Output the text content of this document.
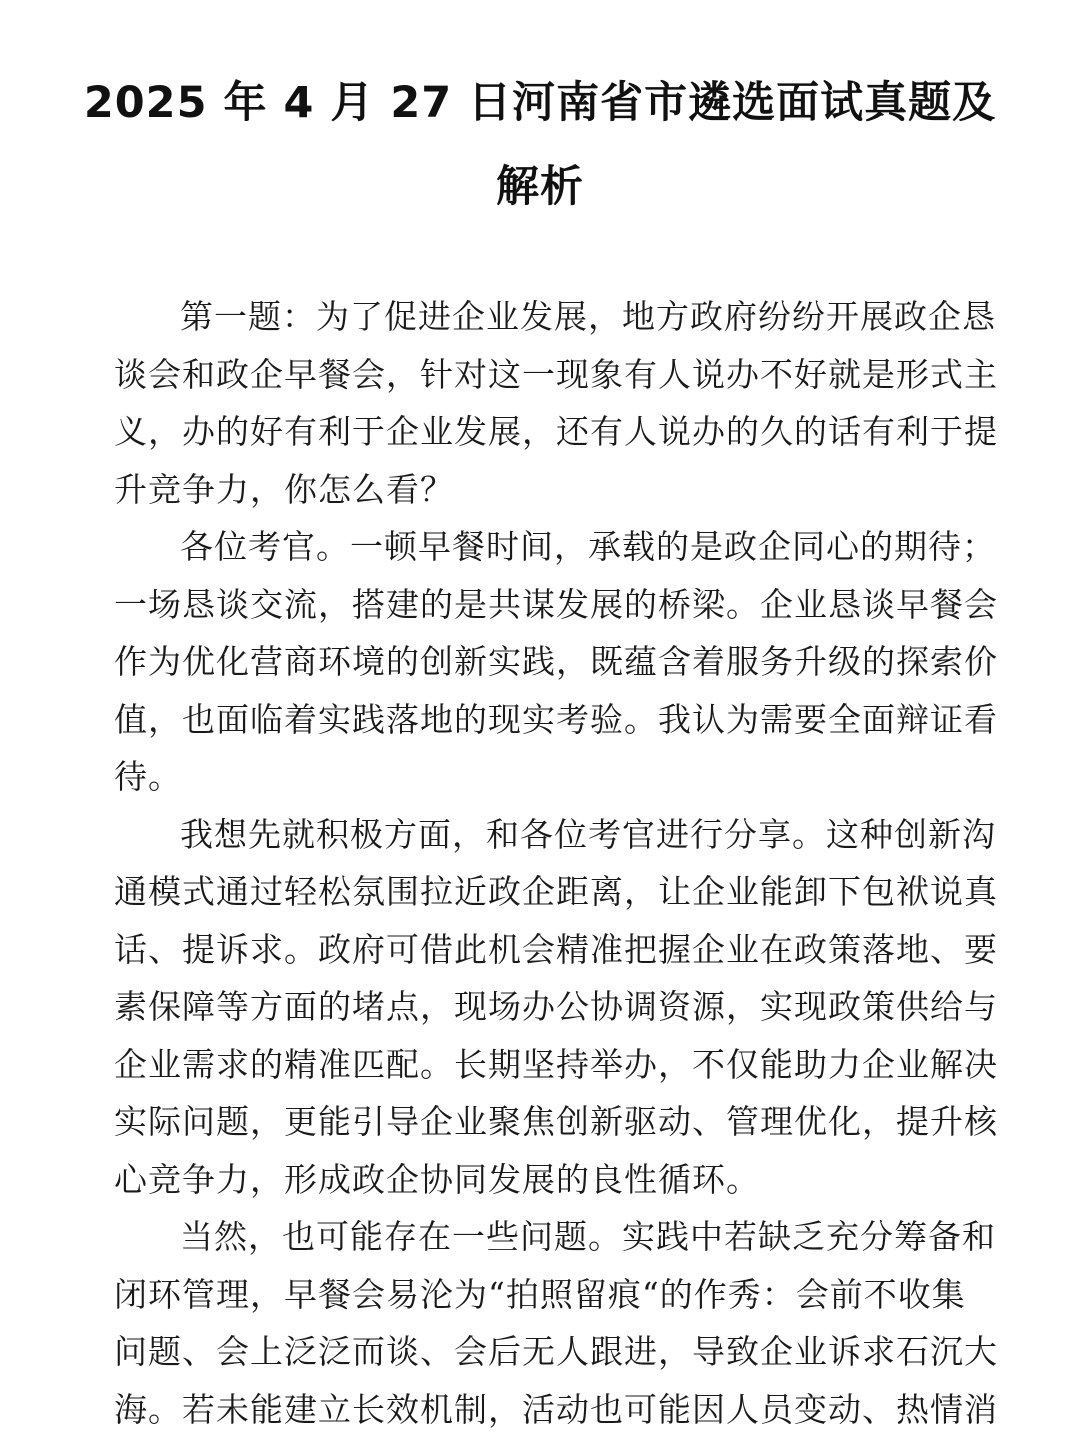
2025 年 4 月 27 日河南省市遴选面试真题及
解析
第一题：为了促进企业发展，地方政府纷纷开展政企恳
谈会和政企早餐会，针对这一现象有人说办不好就是形式主
义，办的好有利于企业发展，还有人说办的久的话有利于提
升竞争力，你怎么看？
各位考官。一顿早餐时间，承载的是政企同心的期待；
一场恳谈交流，搭建的是共谋发展的桥梁。企业恳谈早餐会
作为优化营商环境的创新实践，既蕴含着服务升级的探索价
值，也面临着实践落地的现实考验。我认为需要全面辩证看
待。
我想先就积极方面，和各位考官进行分享。这种创新沟
通模式通过轻松氛围拉近政企距离，让企业能卸下包袱说真
话、提诉求。政府可借此机会精准把握企业在政策落地、要
素保障等方面的堵点，现场办公协调资源，实现政策供给与
企业需求的精准匹配。长期坚持举办，不仅能助力企业解决
实际问题，更能引导企业聚焦创新驱动、管理优化，提升核
心竞争力，形成政企协同发展的良性循环。
当然，也可能存在一些问题。实践中若缺乏充分筹备和
闭环管理，早餐会易沦为“拍照留痕“的作秀：会前不收集
问题、会上泛泛而谈、会后无人跟进，导致企业诉求石沉大
海。若未能建立长效机制，活动也可能因人员变动、热情消
